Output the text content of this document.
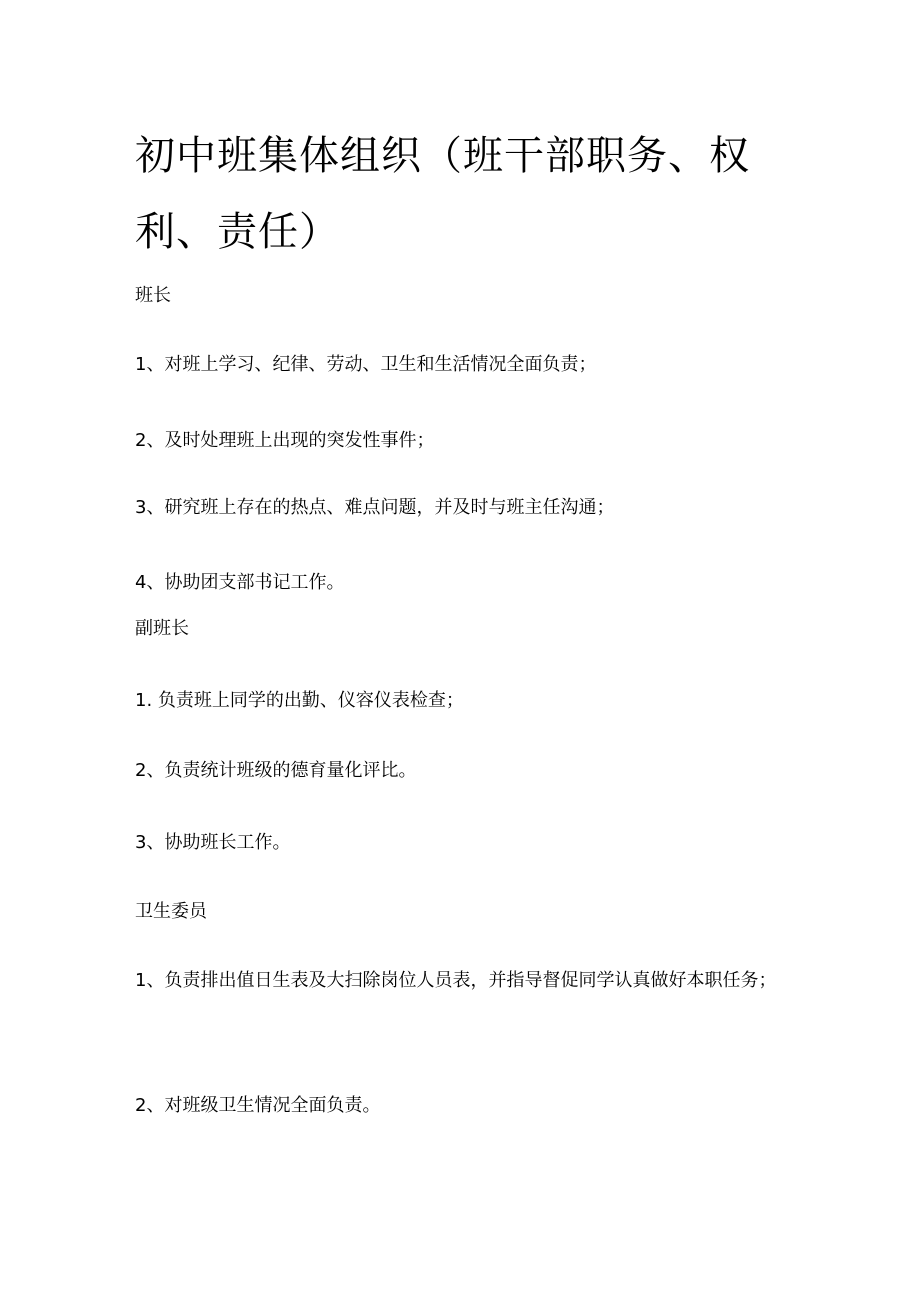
初中班集体组织（班干部职务、权利、责任）

班长

1、对班上学习、纪律、劳动、卫生和生活情况全面负责；

2、及时处理班上出现的突发性事件；

3、研究班上存在的热点、难点问题，并及时与班主任沟通；

4、协助团支部书记工作。

副班长

1. 负责班上同学的出勤、仪容仪表检查；

2、负责统计班级的德育量化评比。

3、协助班长工作。

卫生委员

1、负责排出值日生表及大扫除岗位人员表，并指导督促同学认真做好本职任务；

2、对班级卫生情况全面负责。
